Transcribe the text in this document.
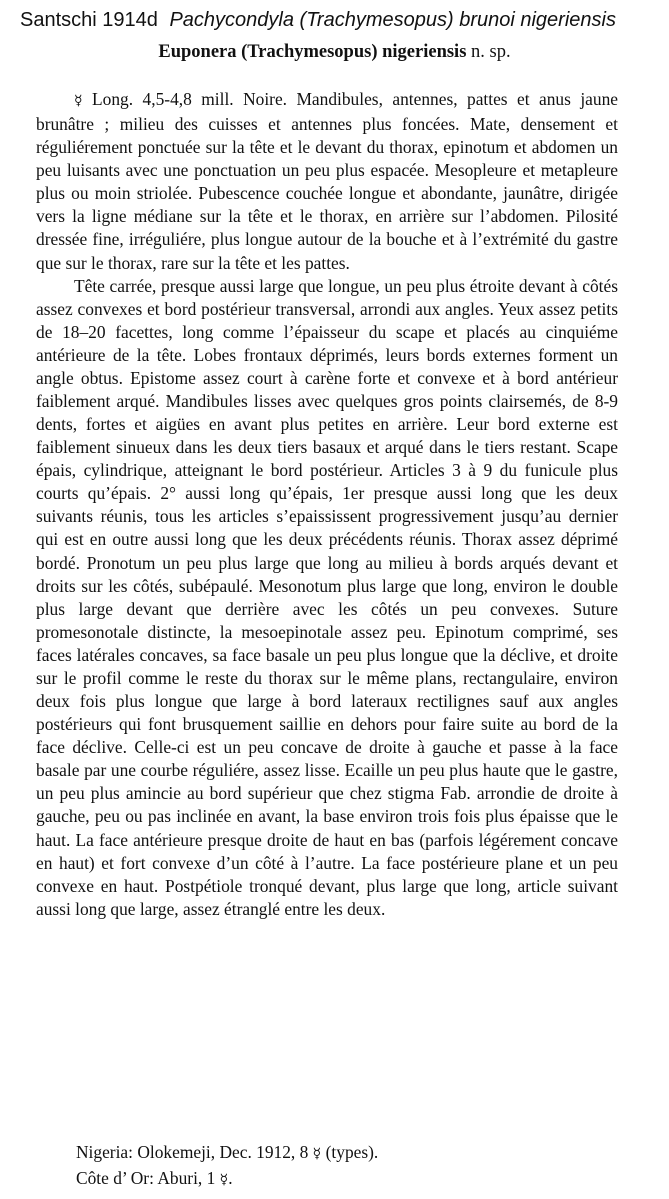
Santschi 1914d Pachycondyla (Trachymesopus) brunoi nigeriensis
Euponera (Trachymesopus) nigeriensis n. sp.

☿ Long. 4,5-4,8 mill. Noire. Mandibules, antennes, pattes et anus jaune brunâtre ; milieu des cuisses et antennes plus foncées. Mate, densement et réguliérement ponctuée sur la tête et le devant du thorax, epinotum et abdomen un peu luisants avec une ponctuation un peu plus espacée. Mesopleure et metapleure plus ou moin striolée. Pubescence couchée longue et abondante, jaunâtre, dirigée vers la ligne médiane sur la tête et le thorax, en arrière sur l’abdomen. Pilosité dressée fine, irréguliére, plus longue autour de la bouche et à l’extrémité du gastre que sur le thorax, rare sur la tête et les pattes.

Tête carrée, presque aussi large que longue, un peu plus étroite devant à côtés assez convexes et bord postérieur transversal, arrondi aux angles. Yeux assez petits de 18–20 facettes, long comme l’épaisseur du scape et placés au cinquiéme antérieure de la tête. Lobes frontaux déprimés, leurs bords externes forment un angle obtus. Epistome assez court à carène forte et convexe et à bord antérieur faiblement arqué. Mandibules lisses avec quelques gros points clairsemés, de 8-9 dents, fortes et aigües en avant plus petites en arrière. Leur bord externe est faiblement sinueux dans les deux tiers basaux et arqué dans le tiers restant. Scape épais, cylindrique, atteignant le bord postérieur. Articles 3 à 9 du funicule plus courts qu’épais. 2° aussi long qu’épais, 1er presque aussi long que les deux suivants réunis, tous les articles s’epaississent progressivement jusqu’au dernier qui est en outre aussi long que les deux précédents réunis. Thorax assez déprimé bordé. Pronotum un peu plus large que long au milieu à bords arqués devant et droits sur les côtés, subépaulé. Mesonotum plus large que long, environ le double plus large devant que derrière avec les côtés un peu convexes. Suture promesonotale distincte, la mesoepinotale assez peu. Epinotum comprimé, ses faces latérales concaves, sa face basale un peu plus longue que la déclive, et droite sur le profil comme le reste du thorax sur le même plans, rectangulaire, environ deux fois plus longue que large à bord lateraux rectilignes sauf aux angles postérieurs qui font brusquement saillie en dehors pour faire suite au bord de la face déclive. Celle-ci est un peu concave de droite à gauche et passe à la face basale par une courbe réguliére, assez lisse. Ecaille un peu plus haute que le gastre, un peu plus amincie au bord supérieur que chez stigma Fab. arrondie de droite à gauche, peu ou pas inclinée en avant, la base environ trois fois plus épaisse que le haut. La face antérieure presque droite de haut en bas (parfois légérement concave en haut) et fort convexe d’un côté à l’autre. La face postérieure plane et un peu convexe en haut. Postpétiole tronqué devant, plus large que long, article suivant aussi long que large, assez étranglé entre les deux.

Nigeria: Olokemeji, Dec. 1912, 8 ☿ (types).
Côte d’ Or: Aburi, 1 ☿.
